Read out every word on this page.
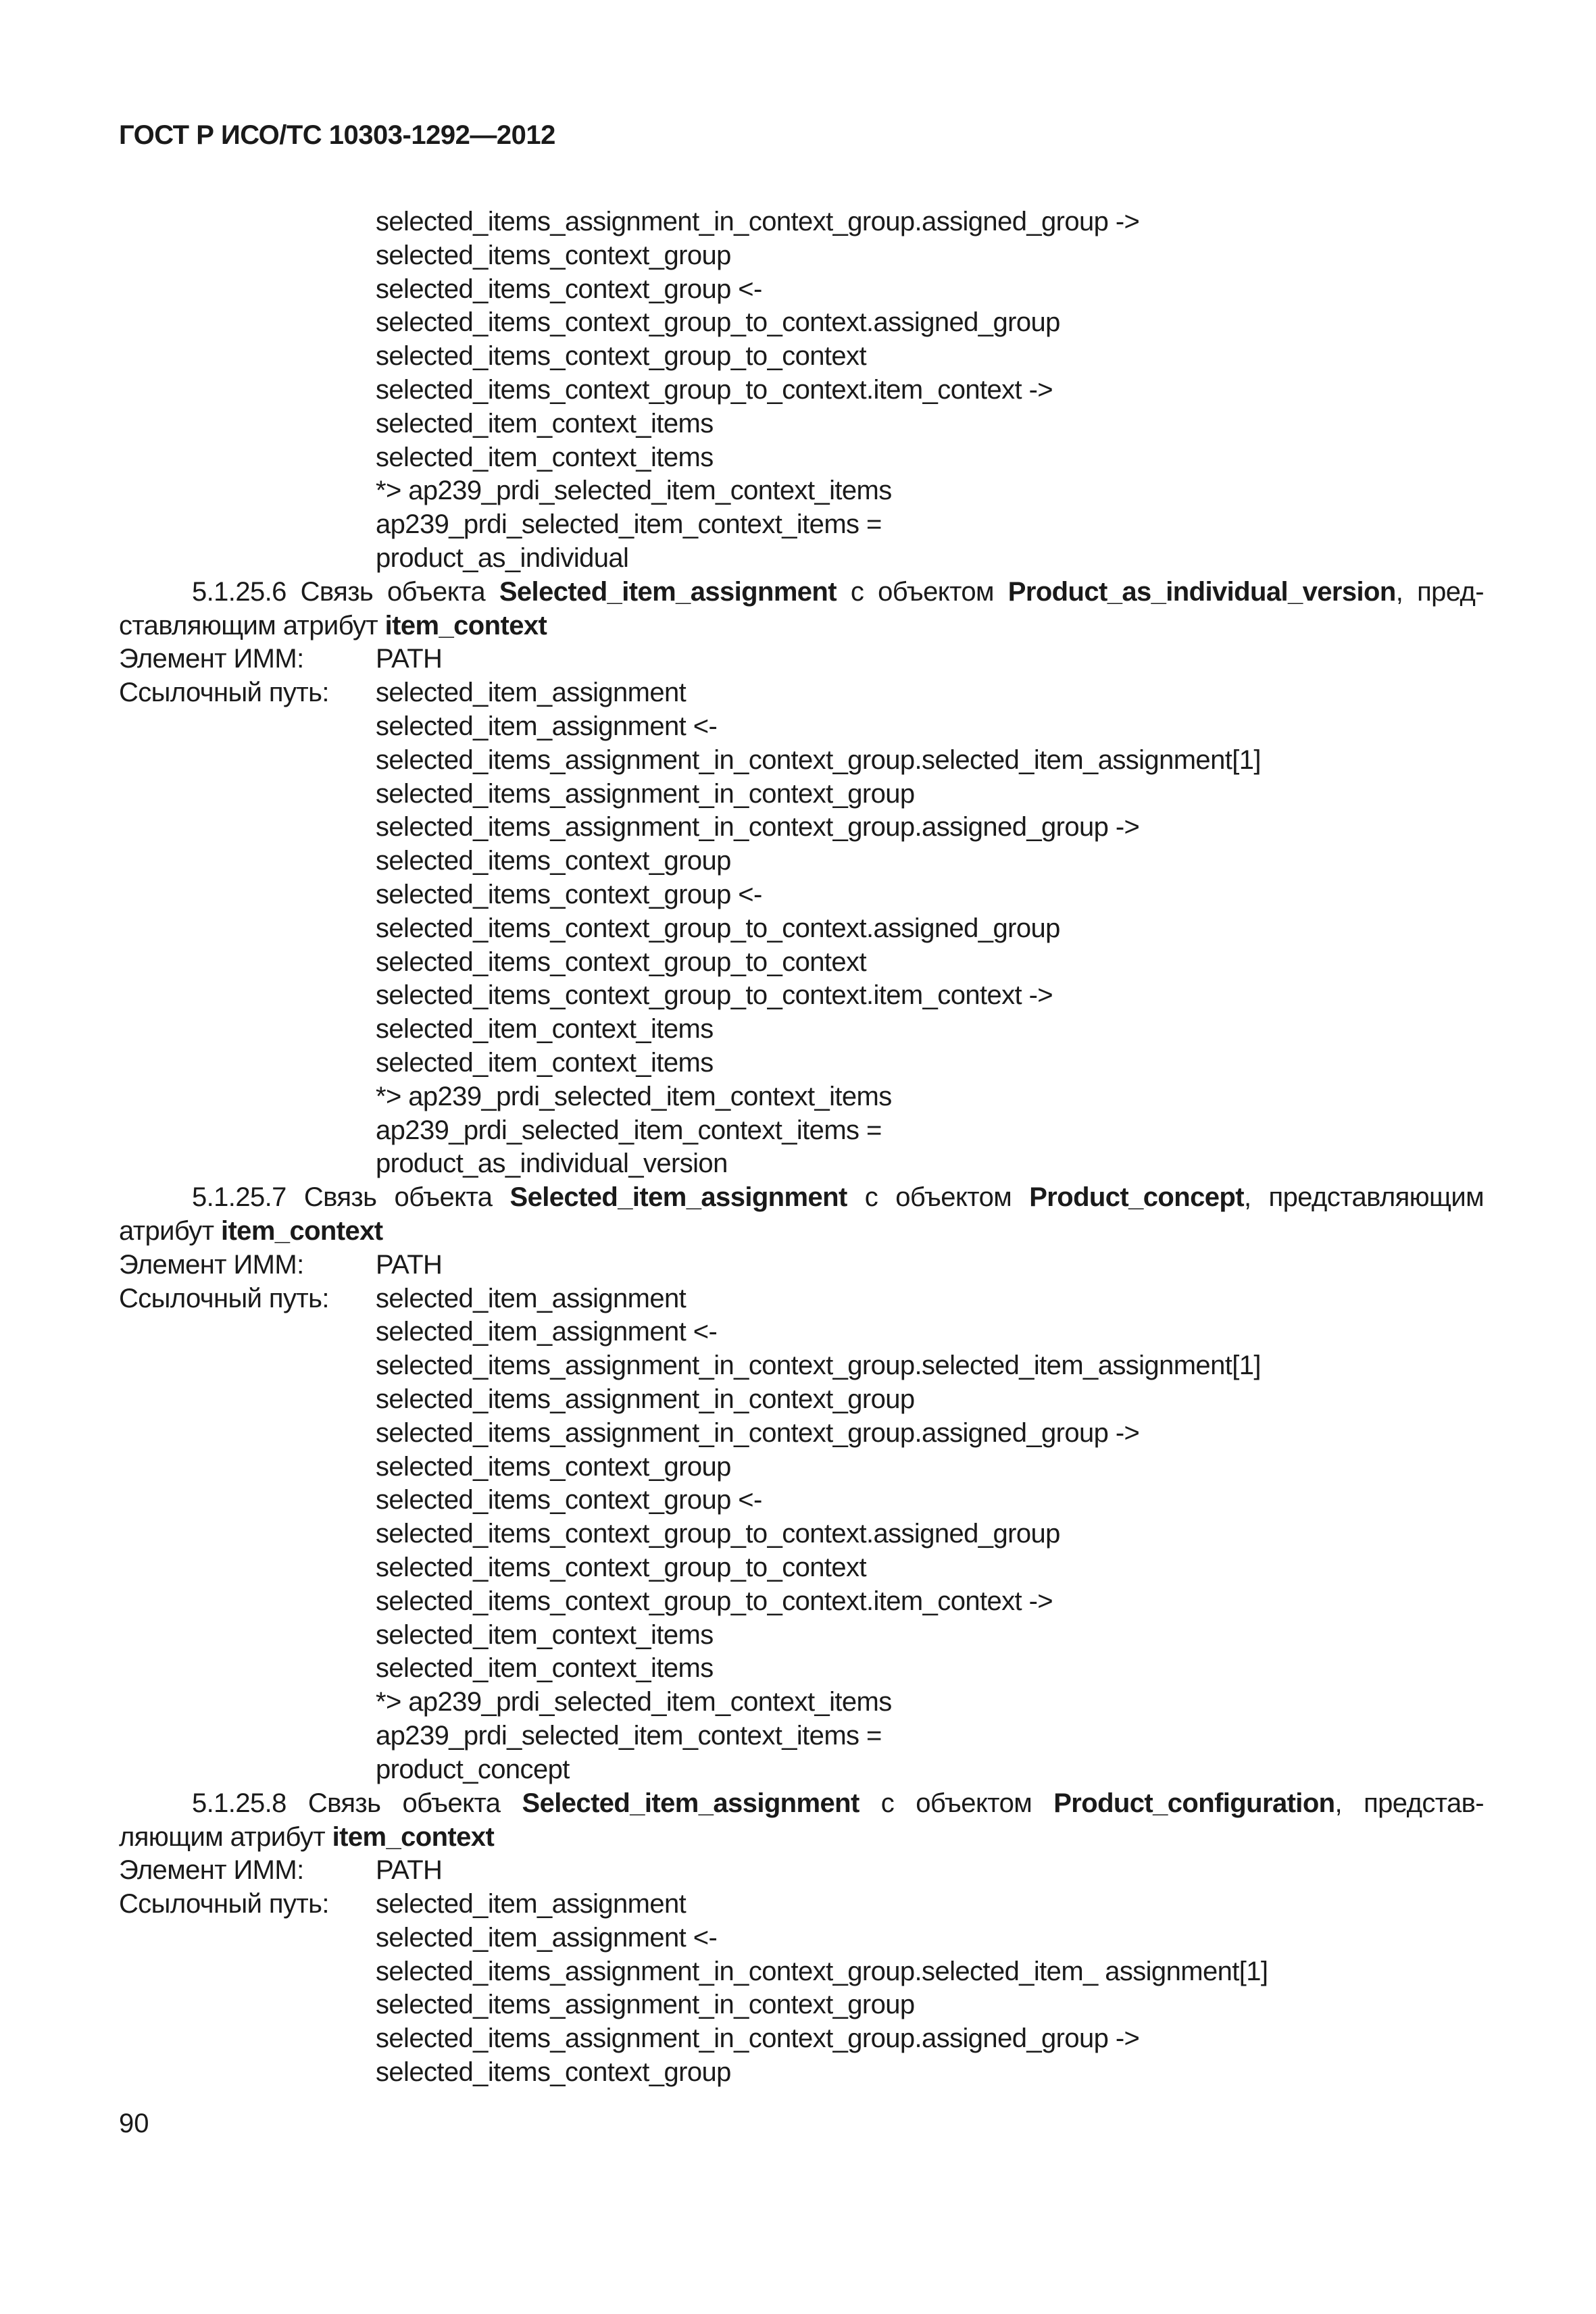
ГОСТ Р ИСО/ТС 10303-1292—2012
90
selected_items_assignment_in_context_group.assigned_group ->
selected_items_context_group
selected_items_context_group <-
selected_items_context_group_to_context.assigned_group
selected_items_context_group_to_context
selected_items_context_group_to_context.item_context ->
selected_item_context_items
selected_item_context_items
*> ap239_prdi_selected_item_context_items
ap239_prdi_selected_item_context_items =
product_as_individual
5.1.25.6 Связь объекта Selected_item_assignment с объектом Product_as_individual_version, пред-
ставляющим атрибут item_context
Элемент ИММ:	PATH
Ссылочный путь: selected_item_assignment
selected_item_assignment <-
selected_items_assignment_in_context_group.selected_item_assignment[1]
selected_items_assignment_in_context_group
selected_items_assignment_in_context_group.assigned_group ->
selected_items_context_group
selected_items_context_group <-
selected_items_context_group_to_context.assigned_group
selected_items_context_group_to_context
selected_items_context_group_to_context.item_context ->
selected_item_context_items
selected_item_context_items
*> ap239_prdi_selected_item_context_items
ap239_prdi_selected_item_context_items =
product_as_individual_version
5.1.25.7 Связь объекта Selected_item_assignment с объектом Product_concept, представляющим
атрибут item_context
Элемент ИММ:	PATH
Ссылочный путь: selected_item_assignment
selected_item_assignment <-
selected_items_assignment_in_context_group.selected_item_assignment[1]
selected_items_assignment_in_context_group
selected_items_assignment_in_context_group.assigned_group ->
selected_items_context_group
selected_items_context_group <-
selected_items_context_group_to_context.assigned_group
selected_items_context_group_to_context
selected_items_context_group_to_context.item_context ->
selected_item_context_items
selected_item_context_items
*> ap239_prdi_selected_item_context_items
ap239_prdi_selected_item_context_items =
product_concept
5.1.25.8 Связь объекта Selected_item_assignment с объектом Product_configuration, представ-
ляющим атрибут item_context
Элемент ИММ:	PATH
Ссылочный путь: selected_item_assignment
selected_item_assignment <-
selected_items_assignment_in_context_group.selected_item_ assignment[1]
selected_items_assignment_in_context_group
selected_items_assignment_in_context_group.assigned_group ->
selected_items_context_group
